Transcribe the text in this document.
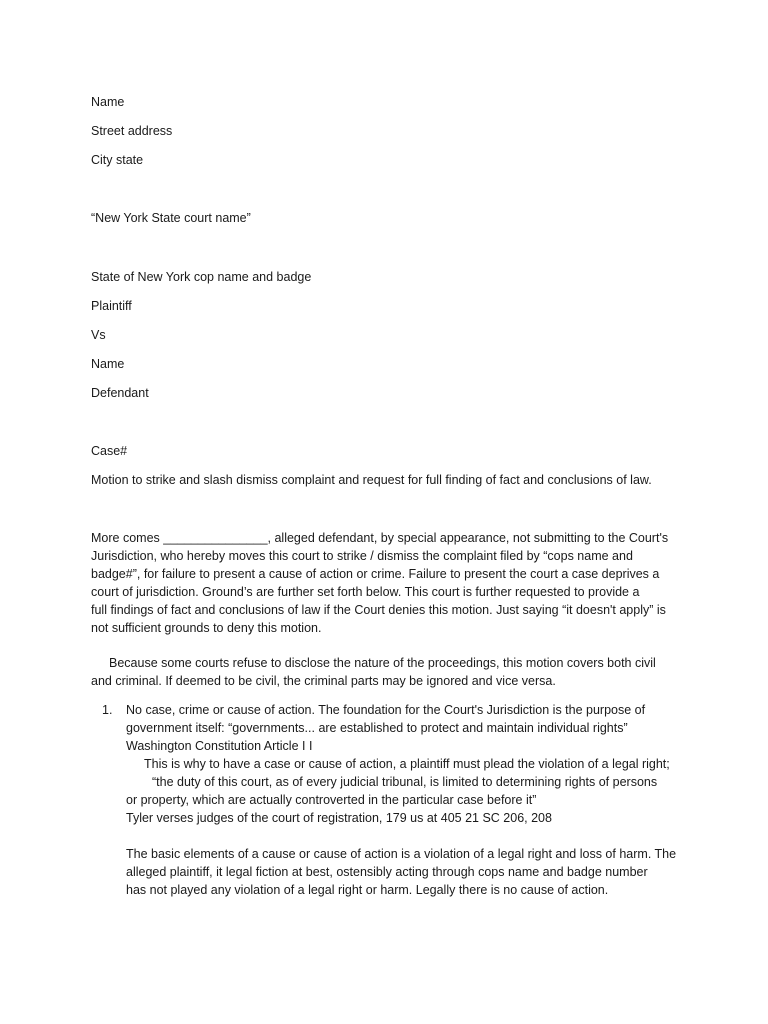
Name
Street address
City state
“New York State court name”
State of New York cop name and badge
Plaintiff
Vs
Name
Defendant
Case#
Motion to strike and slash dismiss complaint and request for full finding of fact and conclusions of law.
More comes _______________, alleged defendant, by special appearance, not submitting to the Court's
Jurisdiction, who hereby moves this court to strike / dismiss the complaint filed by “cops name and
badge#”, for failure to present a cause of action or crime. Failure to present the court a case deprives a
court of jurisdiction. Ground’s are further set forth below. This court is further requested to provide a
full findings of fact and conclusions of law if the Court denies this motion. Just saying “it doesn't apply” is
not sufficient grounds to deny this motion.
Because some courts refuse to disclose the nature of the proceedings, this motion covers both civil
and criminal. If deemed to be civil, the criminal parts may be ignored and vice versa.
1. No case, crime or cause of action. The foundation for the Court's Jurisdiction is the purpose of
government itself: “governments... are established to protect and maintain individual rights”
Washington Constitution Article I I
This is why to have a case or cause of action, a plaintiff must plead the violation of a legal right;
“the duty of this court, as of every judicial tribunal, is limited to determining rights of persons
or property, which are actually controverted in the particular case before it”
Tyler verses judges of the court of registration, 179 us at 405 21 SC 206, 208
The basic elements of a cause or cause of action is a violation of a legal right and loss of harm. The
alleged plaintiff, it legal fiction at best, ostensibly acting through cops name and badge number
has not played any violation of a legal right or harm. Legally there is no cause of action.
